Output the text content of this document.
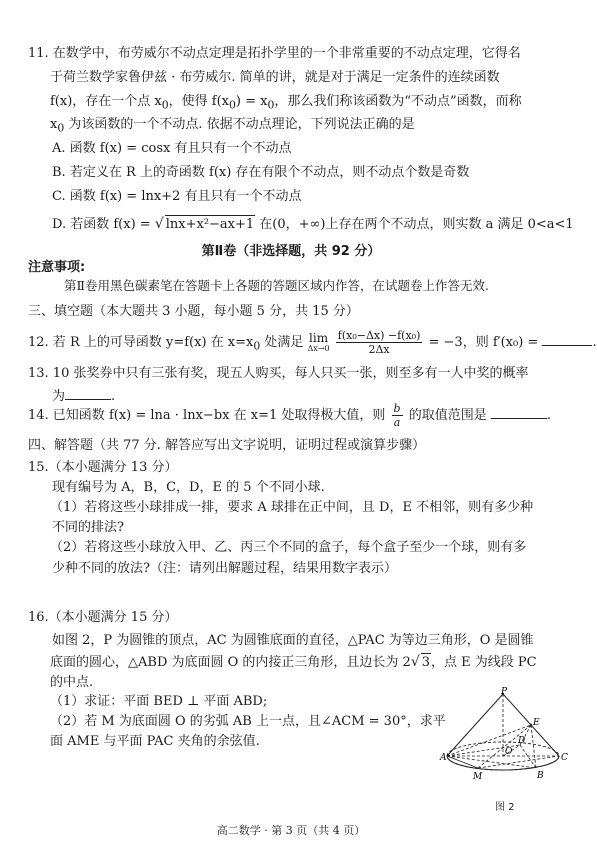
11. 在数学中，布劳威尔不动点定理是拓扑学里的一个非常重要的不动点定理，它得名
于荷兰数学家鲁伊兹 · 布劳威尔. 简单的讲，就是对于满足一定条件的连续函数
f(x)，存在一个点 $x_0$，使得 $f(x_0) = x_0$，那么我们称该函数为“不动点”函数，而称
$x_0$ 为该函数的一个不动点. 依据不动点理论，下列说法正确的是
A. 函数 f(x) = cosx 有且只有一个不动点
B. 若定义在 R 上的奇函数 f(x) 存在有限个不动点，则不动点个数是奇数
C. 函数 f(x) = lnx+2 有且只有一个不动点
D. 若函数 f(x) = √ lnx+x²−ax+1 在(0，+∞)上存在两个不动点，则实数 a 满足 0<a<1
第Ⅱ卷（非选择题，共 92 分）
注意事项:
第Ⅱ卷用黑色碳素笔在答题卡上各题的答题区域内作答，在试题卷上作答无效.
三、填空题（本大题共 3 小题，每小题 5 分，共 15 分）
12. 若 R 上的可导函数 y=f(x) 在 $x=x_0$ 处满足 lim
Δx→0
$\frac{\text{f(x₀−Δx) −f(x₀)}}{2\Delta x} = -3$，则 f′(x₀) =	.
13. 10 张奖券中只有三张有奖，现五人购买，每人只买一张，则至多有一人中奖的概率
为	.
14. 已知函数 f(x) = lna · lnx−bx 在 x=1 处取得极大值，则 $\frac{b}{a}$ 的取值范围是	.
四、解答题（共 77 分. 解答应写出文字说明，证明过程或演算步骤）
15.（本小题满分 13 分）
现有编号为 A，B，C，D，E 的 5 个不同小球.
（1）若将这些小球排成一排，要求 A 球排在正中间，且 D，E 不相邻，则有多少种
不同的排法?
（2）若将这些小球放入甲、乙、丙三个不同的盒子，每个盒子至少一个球，则有多
少种不同的放法?（注：请列出解题过程，结果用数字表示）
16.（本小题满分 15 分）
如图 2，P 为圆锥的顶点，AC 为圆锥底面的直径，△PAC 为等边三角形，O 是圆锥
底面的圆心，△ABD 为底面圆 O 的内接正三角形，且边长为 2√ 3，点 E 为线段 PC
的中点.
（1）求证：平面 BED ⊥ 平面 ABD;
（2）若 M 为底面圆 O 的劣弧 AB 上一点，且∠ACM = 30°，求平
面 AME 与平面 PAC 夹角的余弦值.
P
E
D
O
A	C
M	B
图 2
高二数学 · 第 3 页（共 4 页）
